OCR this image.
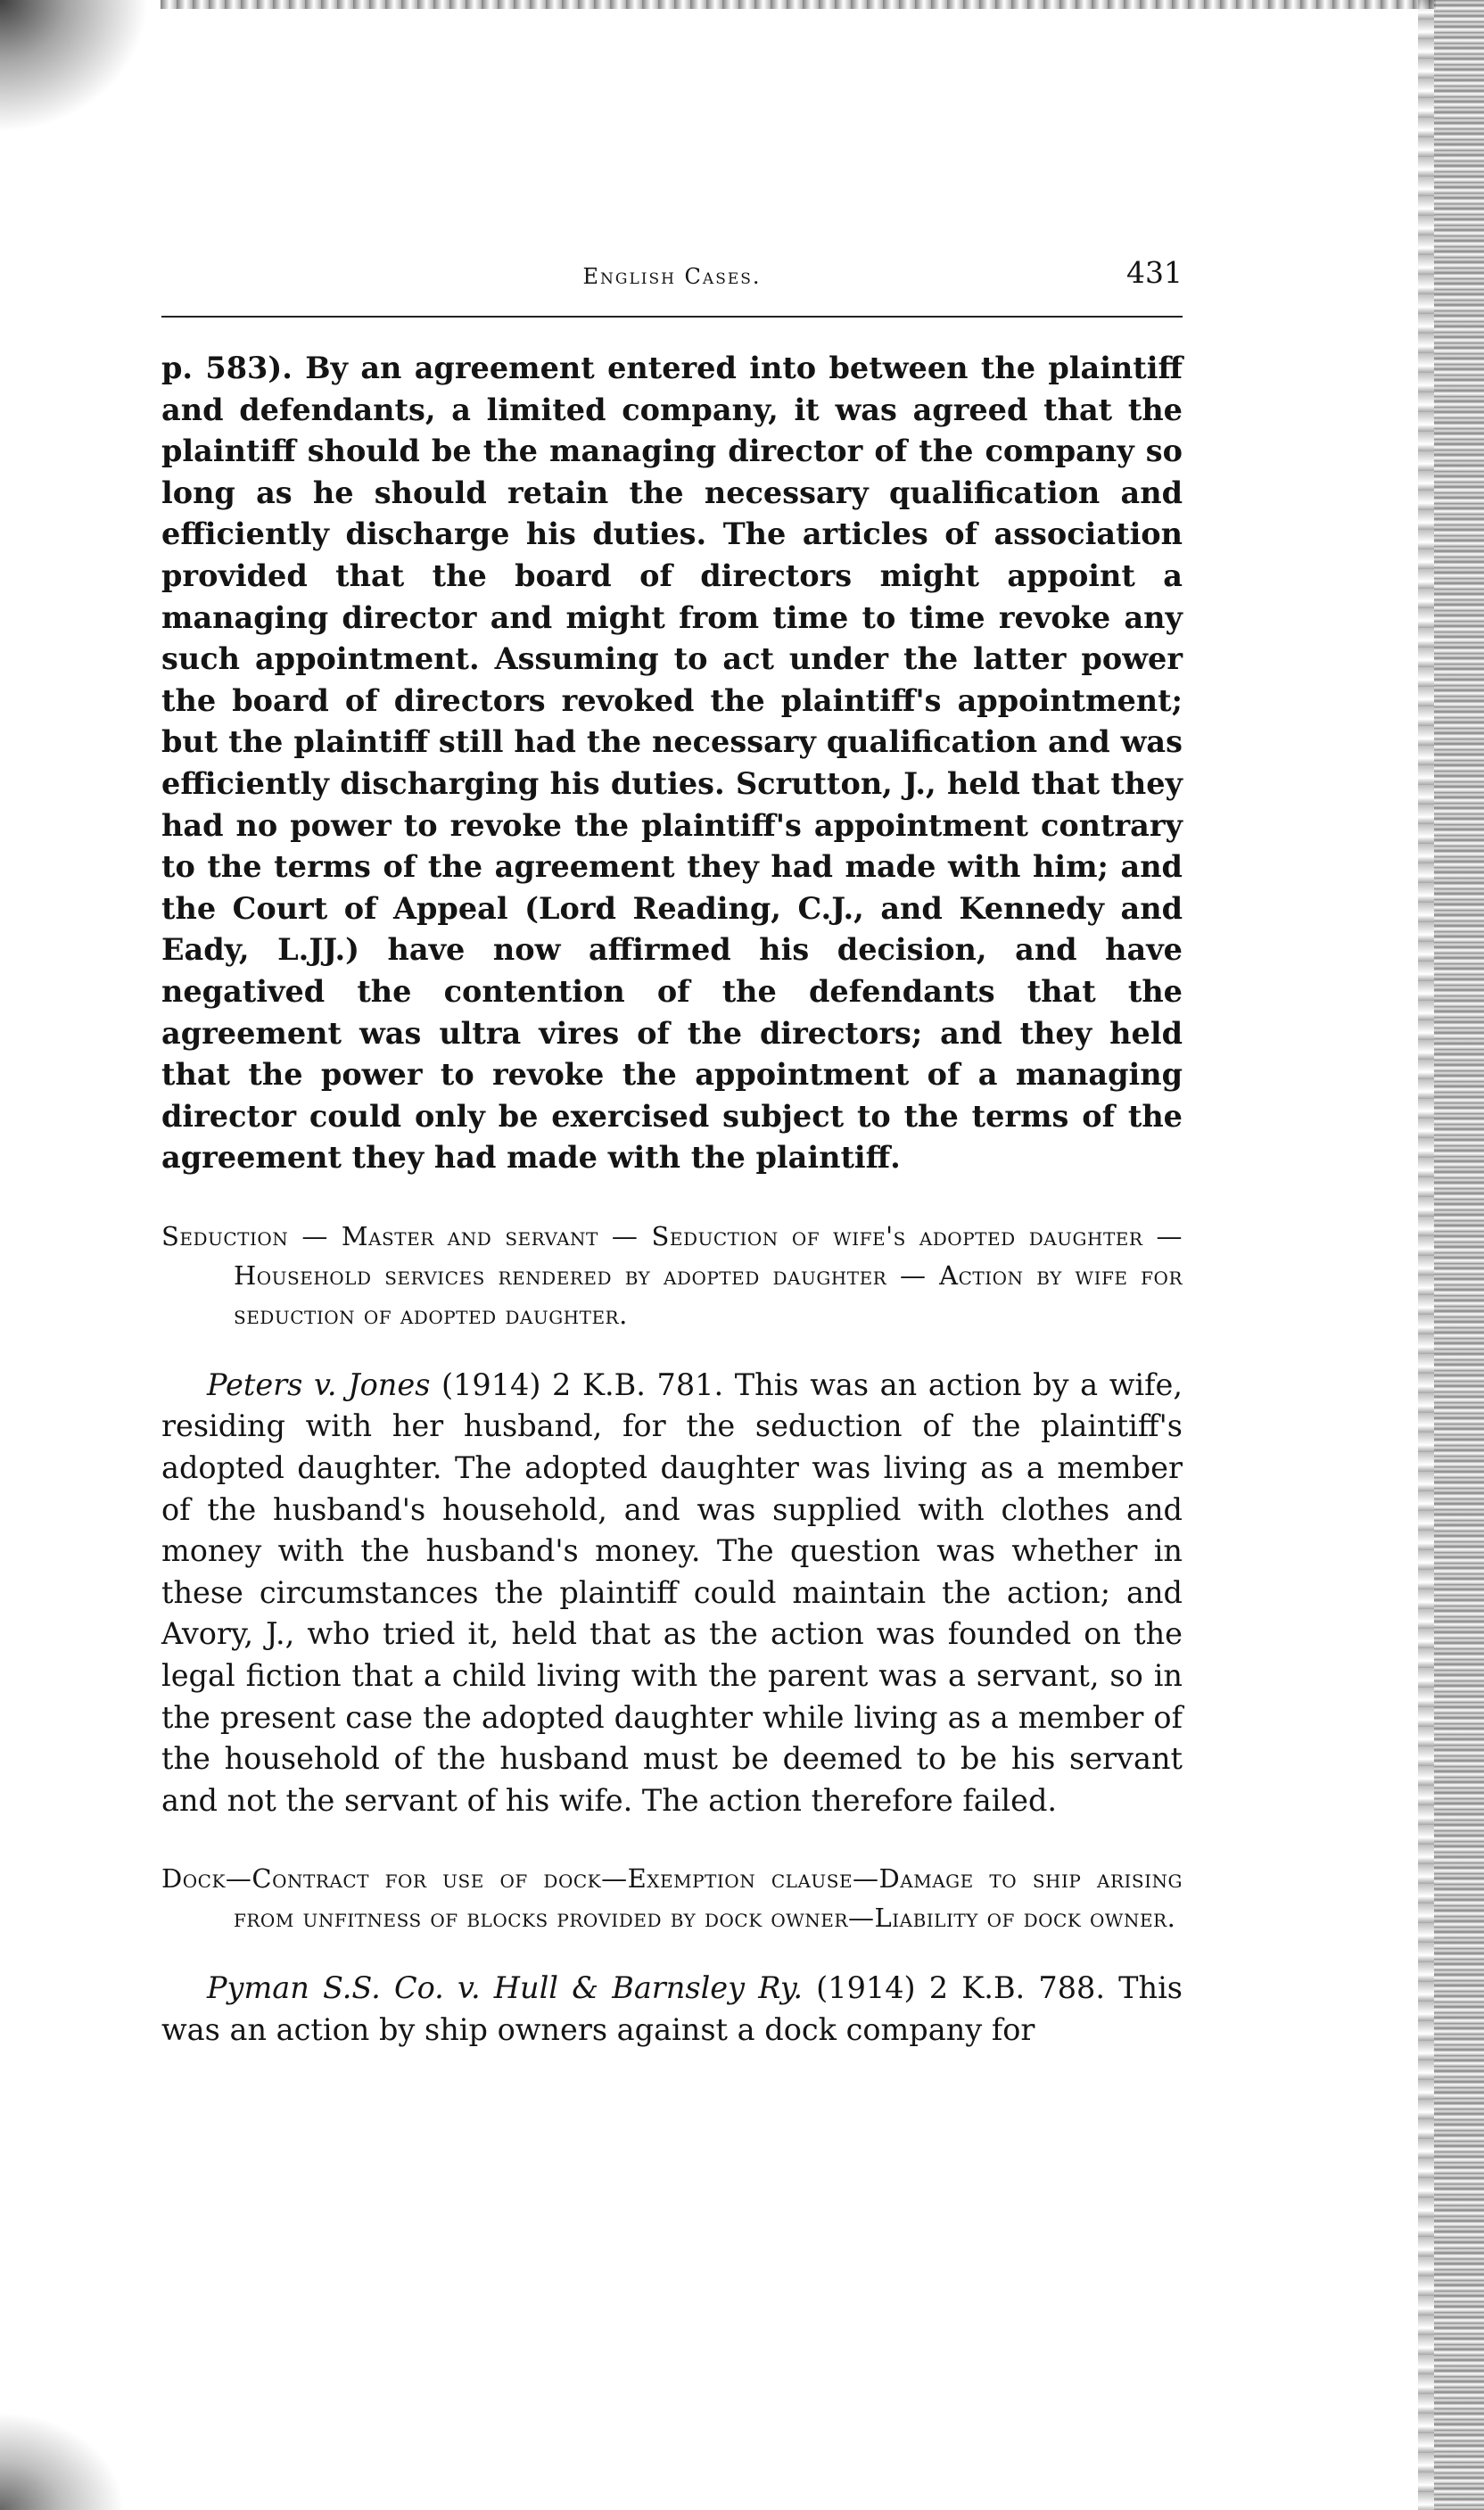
English Cases.	431

p. 583). By an agreement entered into between the plaintiff and defendants, a limited company, it was agreed that the plaintiff should be the managing director of the company so long as he should retain the necessary qualification and efficiently discharge his duties. The articles of association provided that the board of directors might appoint a managing director and might from time to time revoke any such appointment. Assuming to act under the latter power the board of directors revoked the plaintiff's appointment; but the plaintiff still had the necessary qualification and was efficiently discharging his duties. Scrutton, J., held that they had no power to revoke the plaintiff's appointment contrary to the terms of the agreement they had made with him; and the Court of Appeal (Lord Reading, C.J., and Kennedy and Eady, L.JJ.) have now affirmed his decision, and have negatived the contention of the defendants that the agreement was ultra vires of the directors; and they held that the power to revoke the appointment of a managing director could only be exercised subject to the terms of the agreement they had made with the plaintiff.

Seduction — Master and servant — Seduction of wife's adopted daughter — Household services rendered by adopted daughter — Action by wife for seduction of adopted daughter.

Peters v. Jones (1914) 2 K.B. 781. This was an action by a wife, residing with her husband, for the seduction of the plaintiff's adopted daughter. The adopted daughter was living as a member of the husband's household, and was supplied with clothes and money with the husband's money. The question was whether in these circumstances the plaintiff could maintain the action; and Avory, J., who tried it, held that as the action was founded on the legal fiction that a child living with the parent was a servant, so in the present case the adopted daughter while living as a member of the household of the husband must be deemed to be his servant and not the servant of his wife. The action therefore failed.

Dock—Contract for use of dock—Exemption clause—Damage to ship arising from unfitness of blocks provided by dock owner—Liability of dock owner.

Pyman S.S. Co. v. Hull & Barnsley Ry. (1914) 2 K.B. 788. This was an action by ship owners against a dock company for
